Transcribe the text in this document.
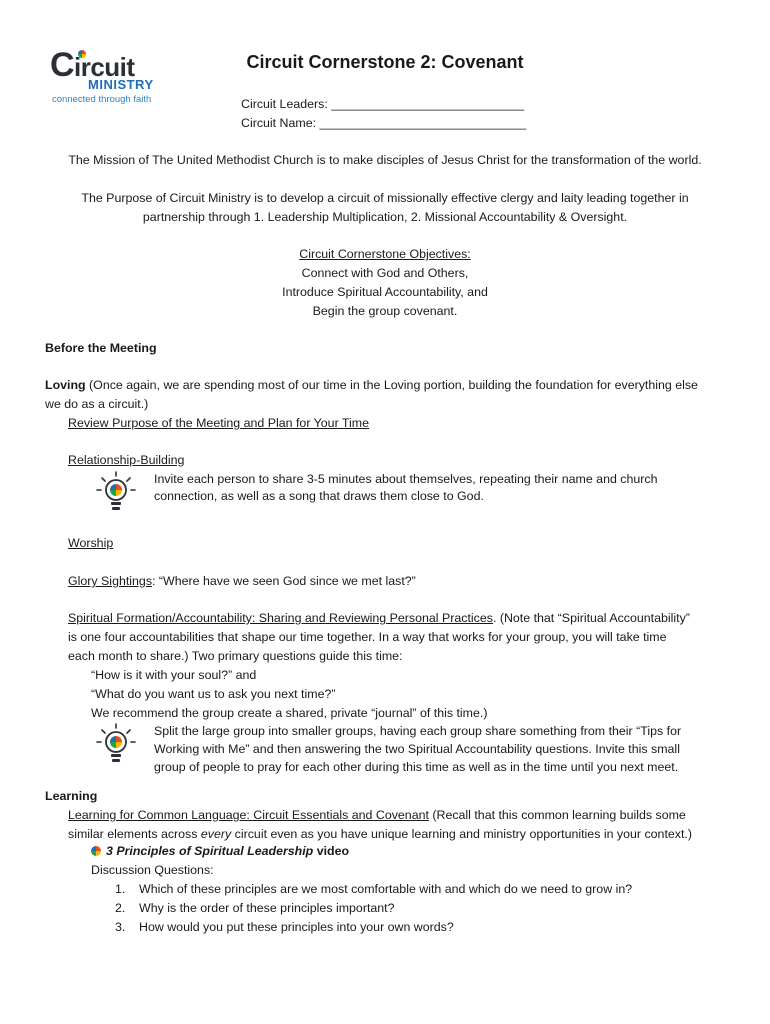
C ircuit
MINISTRY
connected through faith
Circuit Cornerstone 2: Covenant
Circuit Leaders: ____________________________
Circuit Name: ______________________________
The Mission of The United Methodist Church is to make disciples of Jesus Christ for the transformation of the world.
The Purpose of Circuit Ministry is to develop a circuit of missionally effective clergy and laity leading together in
partnership through 1. Leadership Multiplication, 2. Missional Accountability & Oversight.
Circuit Cornerstone Objectives:
Connect with God and Others,
Introduce Spiritual Accountability, and
Begin the group covenant.
Before the Meeting
Loving (Once again, we are spending most of our time in the Loving portion, building the foundation for everything else
we do as a circuit.)
Review Purpose of the Meeting and Plan for Your Time
Relationship-Building
Invite each person to share 3-5 minutes about themselves, repeating their name and church
connection, as well as a song that draws them close to God.
Worship
Glory Sightings: “Where have we seen God since we met last?”
Spiritual Formation/Accountability: Sharing and Reviewing Personal Practices. (Note that “Spiritual Accountability”
is one four accountabilities that shape our time together. In a way that works for your group, you will take time
each month to share.) Two primary questions guide this time:
“How is it with your soul?” and
“What do you want us to ask you next time?”
We recommend the group create a shared, private “journal” of this time.)
Split the large group into smaller groups, having each group share something from their “Tips for
Working with Me” and then answering the two Spiritual Accountability questions. Invite this small
group of people to pray for each other during this time as well as in the time until you next meet.
Learning
Learning for Common Language: Circuit Essentials and Covenant (Recall that this common learning builds some
similar elements across every circuit even as you have unique learning and ministry opportunities in your context.)
3 Principles of Spiritual Leadership video
Discussion Questions:
1. Which of these principles are we most comfortable with and which do we need to grow in?
2. Why is the order of these principles important?
3. How would you put these principles into your own words?
